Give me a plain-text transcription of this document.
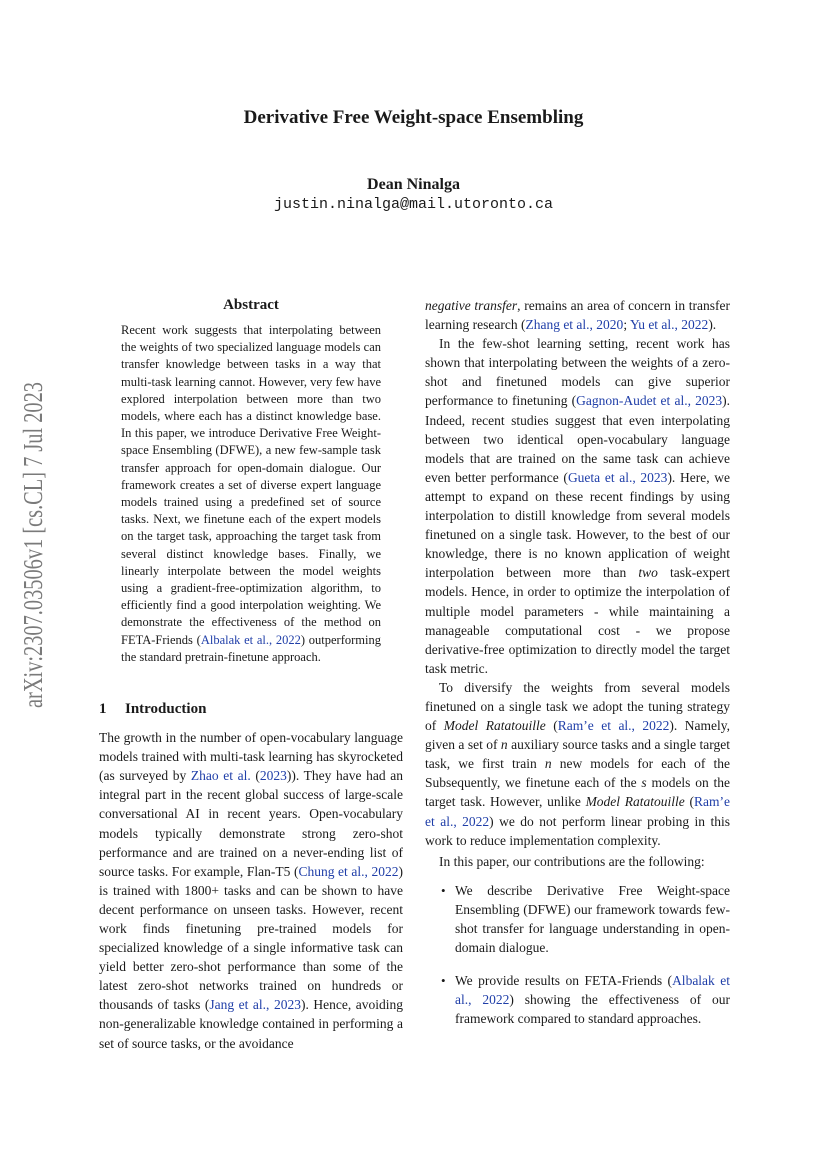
arXiv:2307.03506v1 [cs.CL] 7 Jul 2023
Derivative Free Weight-space Ensembling
Dean Ninalga
justin.ninalga@mail.utoronto.ca
Abstract
Recent work suggests that interpolating between the weights of two specialized language models can transfer knowledge between tasks in a way that multi-task learning cannot. However, very few have explored interpolation between more than two models, where each has a distinct knowledge base. In this paper, we introduce Derivative Free Weight-space Ensembling (DFWE), a new few-sample task transfer approach for open-domain dialogue. Our framework creates a set of diverse expert language models trained using a predefined set of source tasks. Next, we finetune each of the expert models on the target task, approaching the target task from several distinct knowledge bases. Finally, we linearly interpolate between the model weights using a gradient-free-optimization algorithm, to efficiently find a good interpolation weighting. We demonstrate the effectiveness of the method on FETA-Friends (Albalak et al., 2022) outperforming the standard pretrain-finetune approach.
1 Introduction

The growth in the number of open-vocabulary language models trained with multi-task learning has skyrocketed (as surveyed by Zhao et al. (2023)). They have had an integral part in the recent global success of large-scale conversational AI in recent years. Open-vocabulary models typically demonstrate strong zero-shot performance and are trained on a never-ending list of source tasks. For example, Flan-T5 (Chung et al., 2022) is trained with 1800+ tasks and can be shown to have decent performance on unseen tasks. However, recent work finds finetuning pre-trained models for specialized knowledge of a single informative task can yield better zero-shot performance than some of the latest zero-shot networks trained on hundreds or thousands of tasks (Jang et al., 2023). Hence, avoiding non-generalizable knowledge contained in performing a set of source tasks, or the avoidance

negative transfer, remains an area of concern in transfer learning research (Zhang et al., 2020; Yu et al., 2022).

In the few-shot learning setting, recent work has shown that interpolating between the weights of a zero-shot and finetuned models can give superior performance to finetuning (Gagnon-Audet et al., 2023). Indeed, recent studies suggest that even interpolating between two identical open-vocabulary language models that are trained on the same task can achieve even better performance (Gueta et al., 2023). Here, we attempt to expand on these recent findings by using interpolation to distill knowledge from several models finetuned on a single task. However, to the best of our knowledge, there is no known application of weight interpolation between more than two task-expert models. Hence, in order to optimize the interpolation of multiple model parameters - while maintaining a manageable computational cost - we propose derivative-free optimization to directly model the target task metric.

To diversify the weights from several models finetuned on a single task we adopt the tuning strategy of Model Ratatouille (Ram’e et al., 2022). Namely, given a set of n auxiliary source tasks and a single target task, we first train n new models for each of the Subsequently, we finetune each of the s models on the target task. However, unlike Model Ratatouille (Ram’e et al., 2022) we do not perform linear probing in this work to reduce implementation complexity.

In this paper, our contributions are the following:

• We describe Derivative Free Weight-space Ensembling (DFWE) our framework towards few-shot transfer for language understanding in open-domain dialogue.
• We provide results on FETA-Friends (Albalak et al., 2022) showing the effectiveness of our framework compared to standard approaches.
